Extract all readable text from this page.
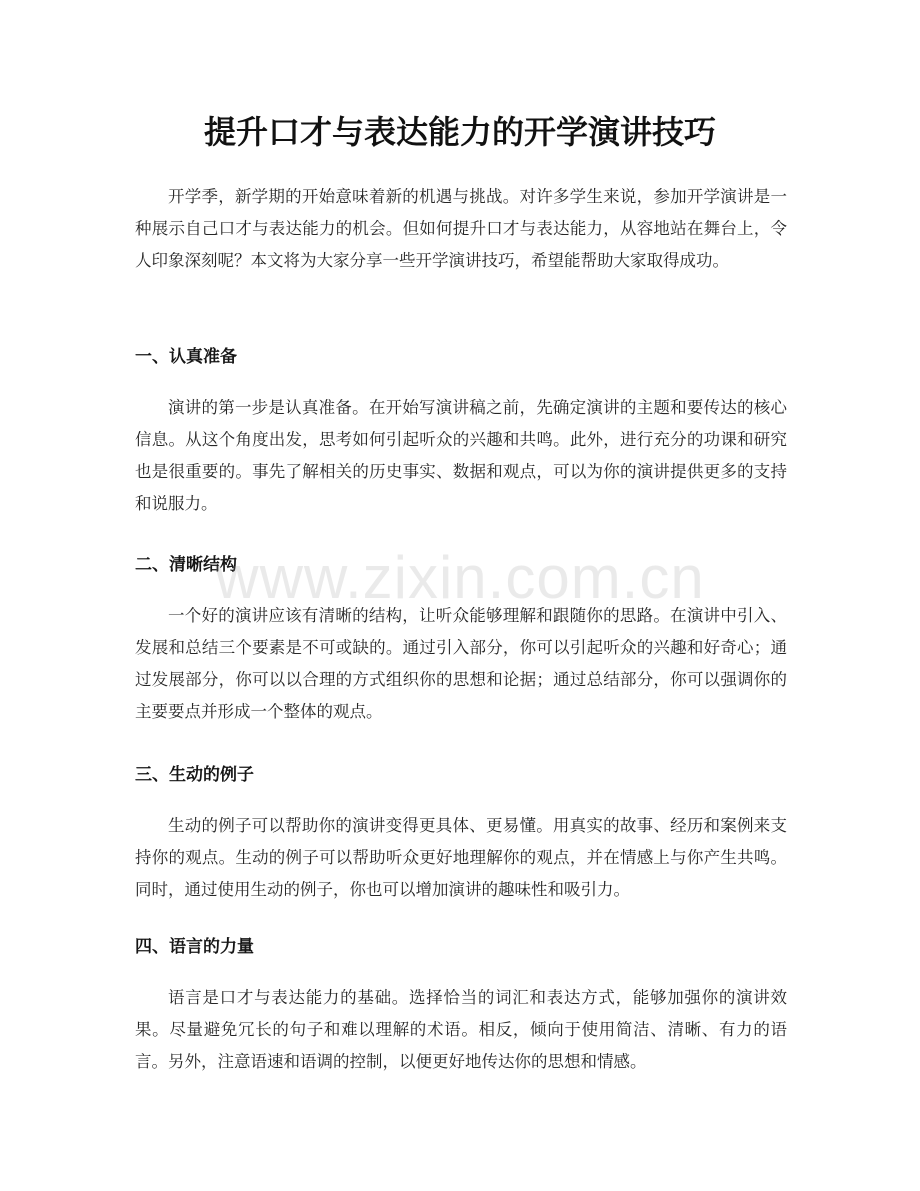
提升口才与表达能力的开学演讲技巧

开学季，新学期的开始意味着新的机遇与挑战。对许多学生来说，参加开学演讲是一种展示自己口才与表达能力的机会。但如何提升口才与表达能力，从容地站在舞台上，令人印象深刻呢？本文将为大家分享一些开学演讲技巧，希望能帮助大家取得成功。

一、认真准备

演讲的第一步是认真准备。在开始写演讲稿之前，先确定演讲的主题和要传达的核心信息。从这个角度出发，思考如何引起听众的兴趣和共鸣。此外，进行充分的功课和研究也是很重要的。事先了解相关的历史事实、数据和观点，可以为你的演讲提供更多的支持和说服力。

二、清晰结构

一个好的演讲应该有清晰的结构，让听众能够理解和跟随你的思路。在演讲中引入、发展和总结三个要素是不可或缺的。通过引入部分，你可以引起听众的兴趣和好奇心；通过发展部分，你可以以合理的方式组织你的思想和论据；通过总结部分，你可以强调你的主要要点并形成一个整体的观点。

三、生动的例子

生动的例子可以帮助你的演讲变得更具体、更易懂。用真实的故事、经历和案例来支持你的观点。生动的例子可以帮助听众更好地理解你的观点，并在情感上与你产生共鸣。同时，通过使用生动的例子，你也可以增加演讲的趣味性和吸引力。

四、语言的力量

语言是口才与表达能力的基础。选择恰当的词汇和表达方式，能够加强你的演讲效果。尽量避免冗长的句子和难以理解的术语。相反，倾向于使用简洁、清晰、有力的语言。另外，注意语速和语调的控制，以便更好地传达你的思想和情感。

www.zixin.com.cn
